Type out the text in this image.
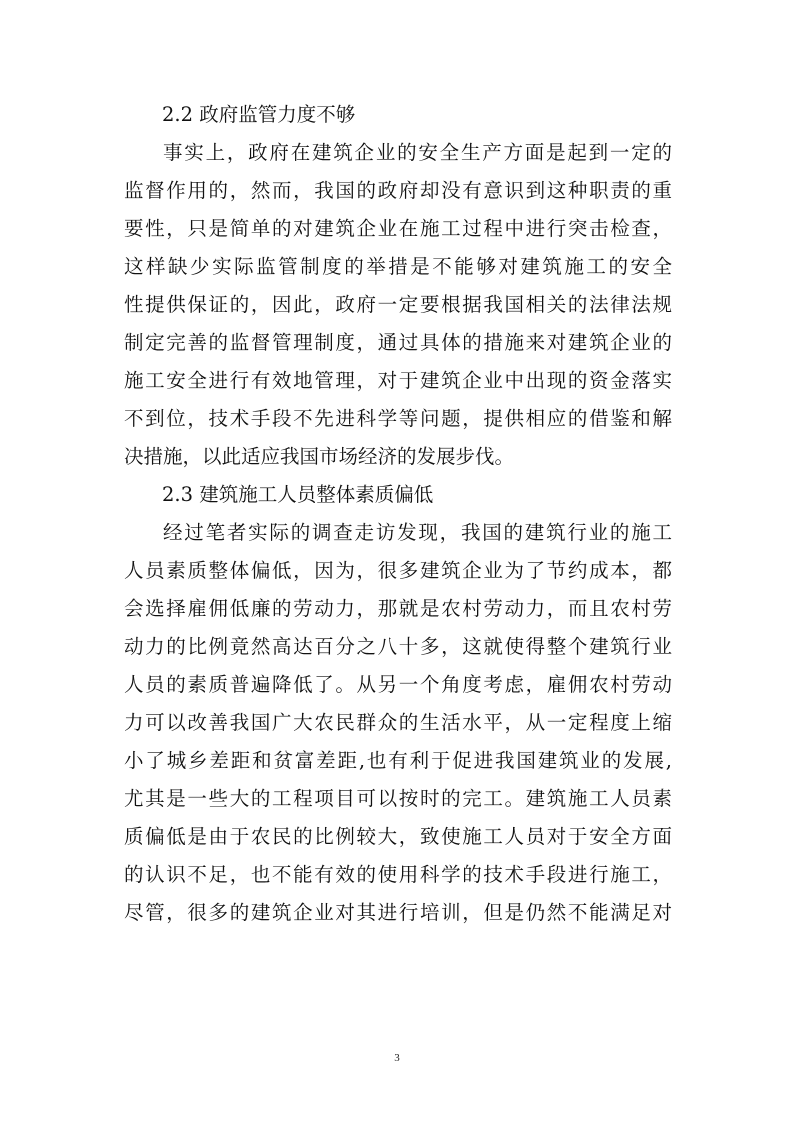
2.2 政府监管力度不够

事实上，政府在建筑企业的安全生产方面是起到一定的

监督作用的，然而，我国的政府却没有意识到这种职责的重

要性，只是简单的对建筑企业在施工过程中进行突击检查，

这样缺少实际监管制度的举措是不能够对建筑施工的安全

性提供保证的，因此，政府一定要根据我国相关的法律法规

制定完善的监督管理制度，通过具体的措施来对建筑企业的

施工安全进行有效地管理，对于建筑企业中出现的资金落实

不到位，技术手段不先进科学等问题，提供相应的借鉴和解

决措施，以此适应我国市场经济的发展步伐。

2.3 建筑施工人员整体素质偏低

经过笔者实际的调查走访发现，我国的建筑行业的施工

人员素质整体偏低，因为，很多建筑企业为了节约成本，都

会选择雇佣低廉的劳动力，那就是农村劳动力，而且农村劳

动力的比例竟然高达百分之八十多，这就使得整个建筑行业

人员的素质普遍降低了。从另一个角度考虑，雇佣农村劳动

力可以改善我国广大农民群众的生活水平，从一定程度上缩

小了城乡差距和贫富差距,也有利于促进我国建筑业的发展,

尤其是一些大的工程项目可以按时的完工。建筑施工人员素

质偏低是由于农民的比例较大，致使施工人员对于安全方面

的认识不足，也不能有效的使用科学的技术手段进行施工，

尽管，很多的建筑企业对其进行培训，但是仍然不能满足对

3
